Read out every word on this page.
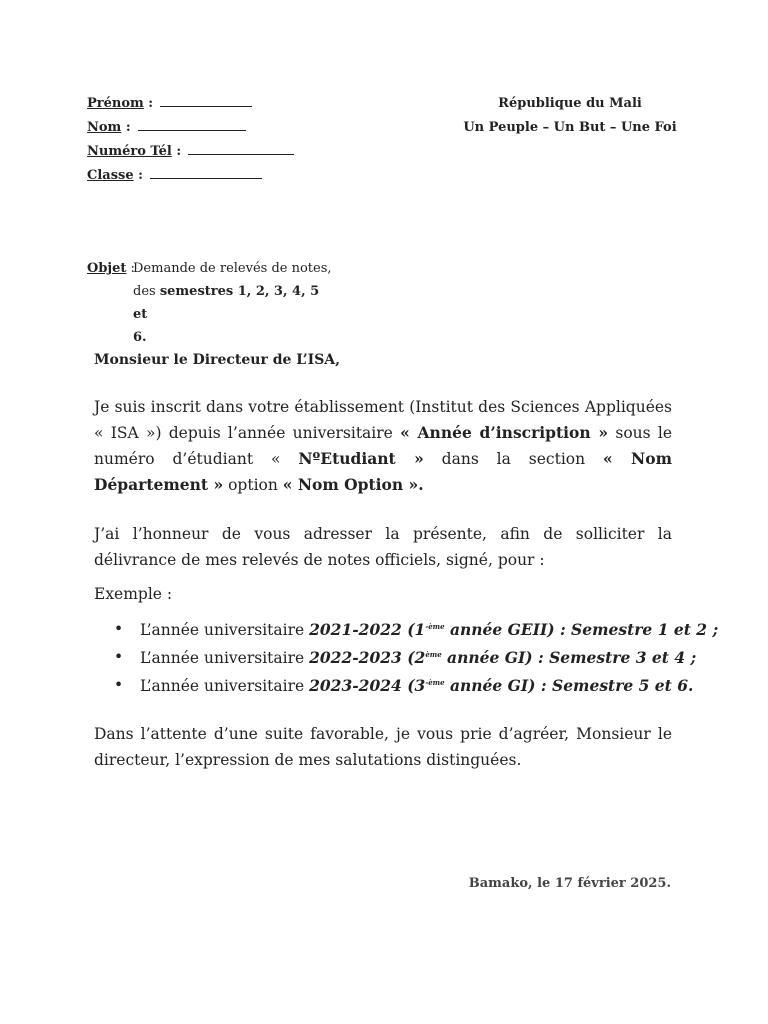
Prénom :
Nom :
Numéro Tél :
Classe :
République du Mali
Un Peuple – Un But – Une Foi
Objet :
Demande de relevés de notes,
des semestres 1, 2, 3, 4, 5 et
6.
Monsieur le Directeur de L’ISA,
Je suis inscrit dans votre établissement (Institut des Sciences Appliquées « ISA ») depuis l’année universitaire « Année d’inscription » sous le numéro d’étudiant « NºEtudiant » dans la section « Nom Département » option « Nom Option ».
J’ai l’honneur de vous adresser la présente, afin de solliciter la délivrance de mes relevés de notes officiels, signé, pour :
Exemple :
• L’année universitaire 2021-2022 ($1^{-ème}$ année GEII) : Semestre 1 et 2 ;
• L’année universitaire 2022-2023 (2ème année GI) : Semestre 3 et 4 ;
• L’année universitaire 2023-2024 ($3^{-ème}$ année GI) : Semestre 5 et 6.
Dans l’attente d’une suite favorable, je vous prie d’agréer, Monsieur le directeur, l’expression de mes salutations distinguées.
Bamako, le 17 février 2025.
